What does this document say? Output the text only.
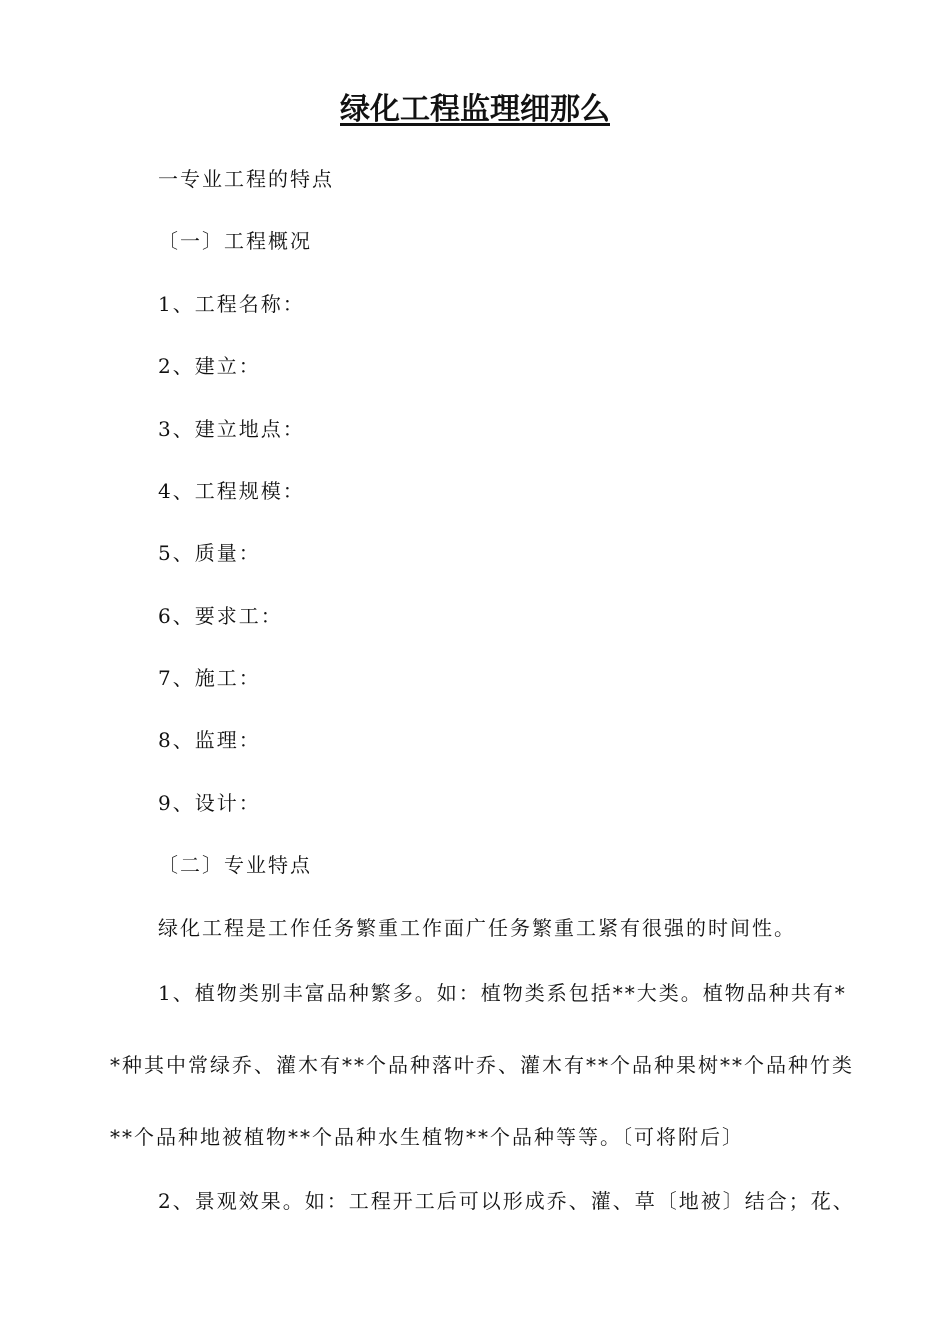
绿化工程监理细那么
一专业工程的特点
〔一〕工程概况
1、工程名称：
2、建立：
3、建立地点：
4、工程规模：
5、质量：
6、要求工：
7、施工：
8、监理：
9、设计：
〔二〕专业特点
绿化工程是工作任务繁重工作面广任务繁重工紧有很强的时间性。
1、植物类别丰富品种繁多。如：植物类系包括**大类。植物品种共有*
*种其中常绿乔、灌木有**个品种落叶乔、灌木有**个品种果树**个品种竹类
**个品种地被植物**个品种水生植物**个品种等等。〔可将附后〕
2、景观效果。如：工程开工后可以形成乔、灌、草〔地被〕结合；花、
